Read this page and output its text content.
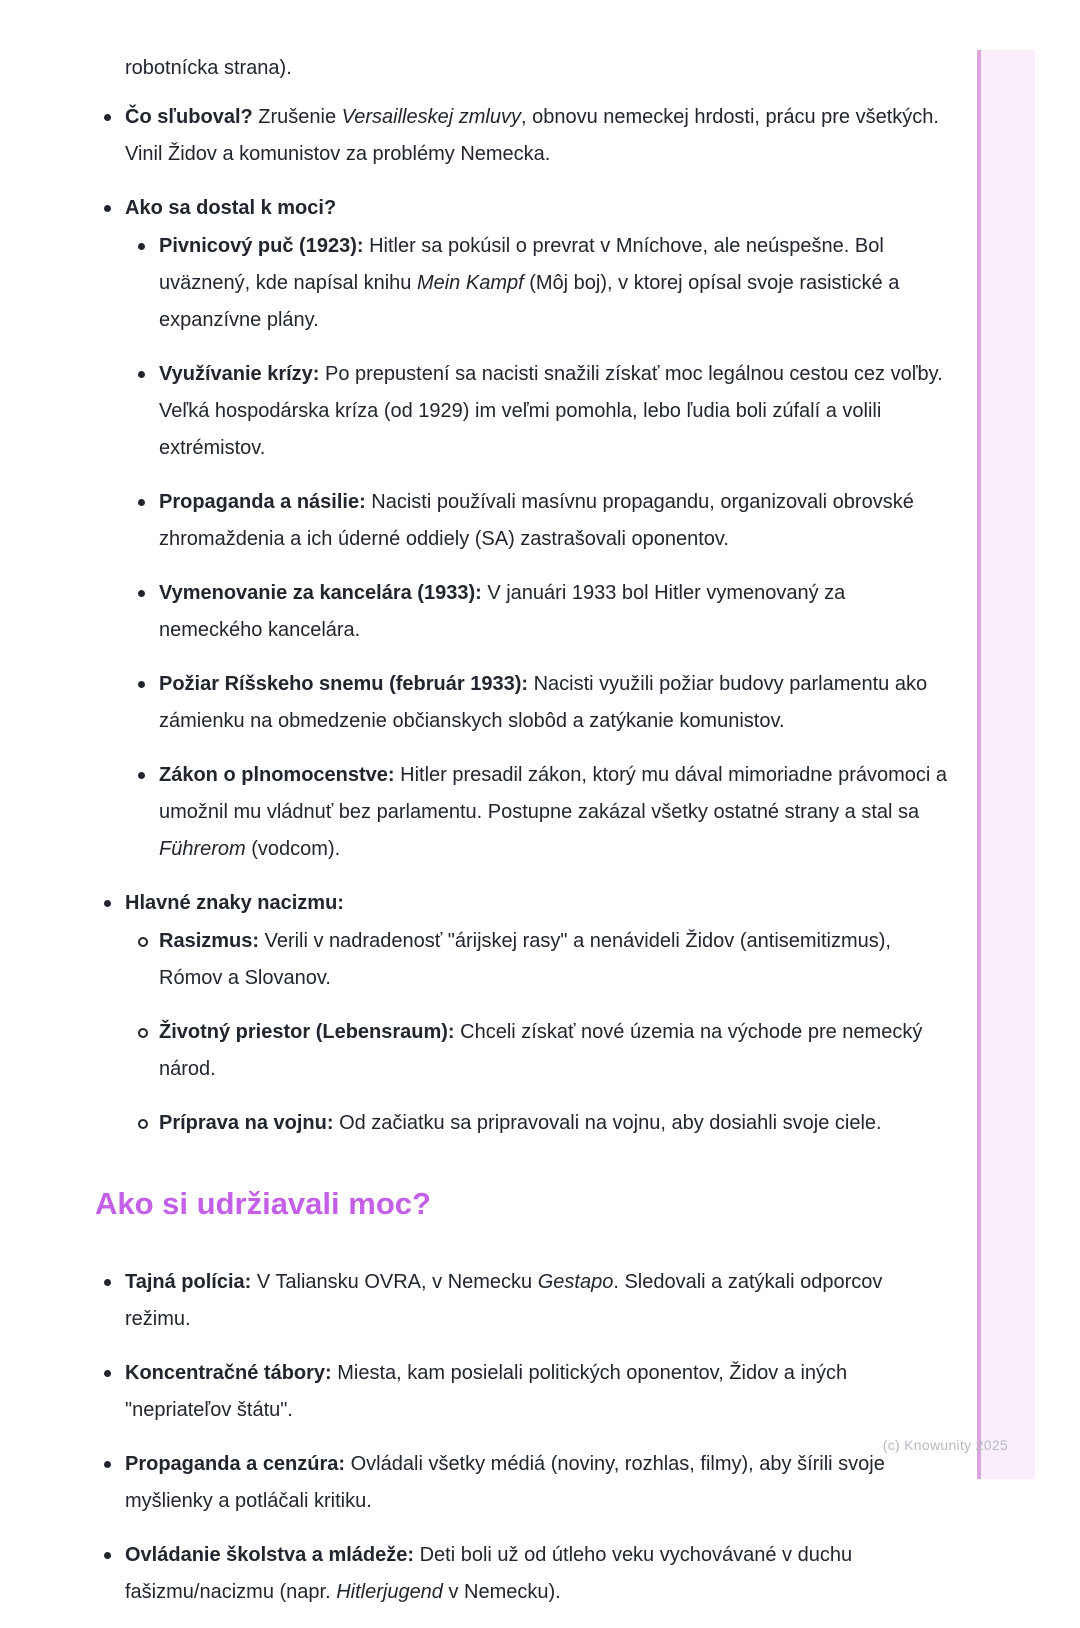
(c) Knowunity 2025

robotnícka strana).

Čo sľuboval? Zrušenie Versailleskej zmluvy, obnovu nemeckej hrdosti, prácu pre všetkých. Vinil Židov a komunistov za problémy Nemecka.
Ako sa dostal k moci?
Pivnicový puč (1923): Hitler sa pokúsil o prevrat v Mníchove, ale neúspešne. Bol uväznený, kde napísal knihu Mein Kampf (Môj boj), v ktorej opísal svoje rasistické a expanzívne plány.
Využívanie krízy: Po prepustení sa nacisti snažili získať moc legálnou cestou cez voľby. Veľká hospodárska kríza (od 1929) im veľmi pomohla, lebo ľudia boli zúfalí a volili extrémistov.
Propaganda a násilie: Nacisti používali masívnu propagandu, organizovali obrovské zhromaždenia a ich úderné oddiely (SA) zastrašovali oponentov.
Vymenovanie za kancelára (1933): V januári 1933 bol Hitler vymenovaný za nemeckého kancelára.
Požiar Ríšskeho snemu (február 1933): Nacisti využili požiar budovy parlamentu ako zámienku na obmedzenie občianskych slobôd a zatýkanie komunistov.
Zákon o plnomocenstve: Hitler presadil zákon, ktorý mu dával mimoriadne právomoci a umožnil mu vládnuť bez parlamentu. Postupne zakázal všetky ostatné strany a stal sa Führerom (vodcom).
Hlavné znaky nacizmu:
Rasizmus: Verili v nadradenosť "árijskej rasy" a nenávideli Židov (antisemitizmus), Rómov a Slovanov.
Životný priestor (Lebensraum): Chceli získať nové územia na východe pre nemecký národ.
Príprava na vojnu: Od začiatku sa pripravovali na vojnu, aby dosiahli svoje ciele.
Ako si udržiavali moc?
Tajná polícia: V Taliansku OVRA, v Nemecku Gestapo. Sledovali a zatýkali odporcov režimu.
Koncentračné tábory: Miesta, kam posielali politických oponentov, Židov a iných "nepriateľov štátu".
Propaganda a cenzúra: Ovládali všetky médiá (noviny, rozhlas, filmy), aby šírili svoje myšlienky a potláčali kritiku.
Ovládanie školstva a mládeže: Deti boli už od útleho veku vychovávané v duchu fašizmu/nacizmu (napr. Hitlerjugend v Nemecku).
